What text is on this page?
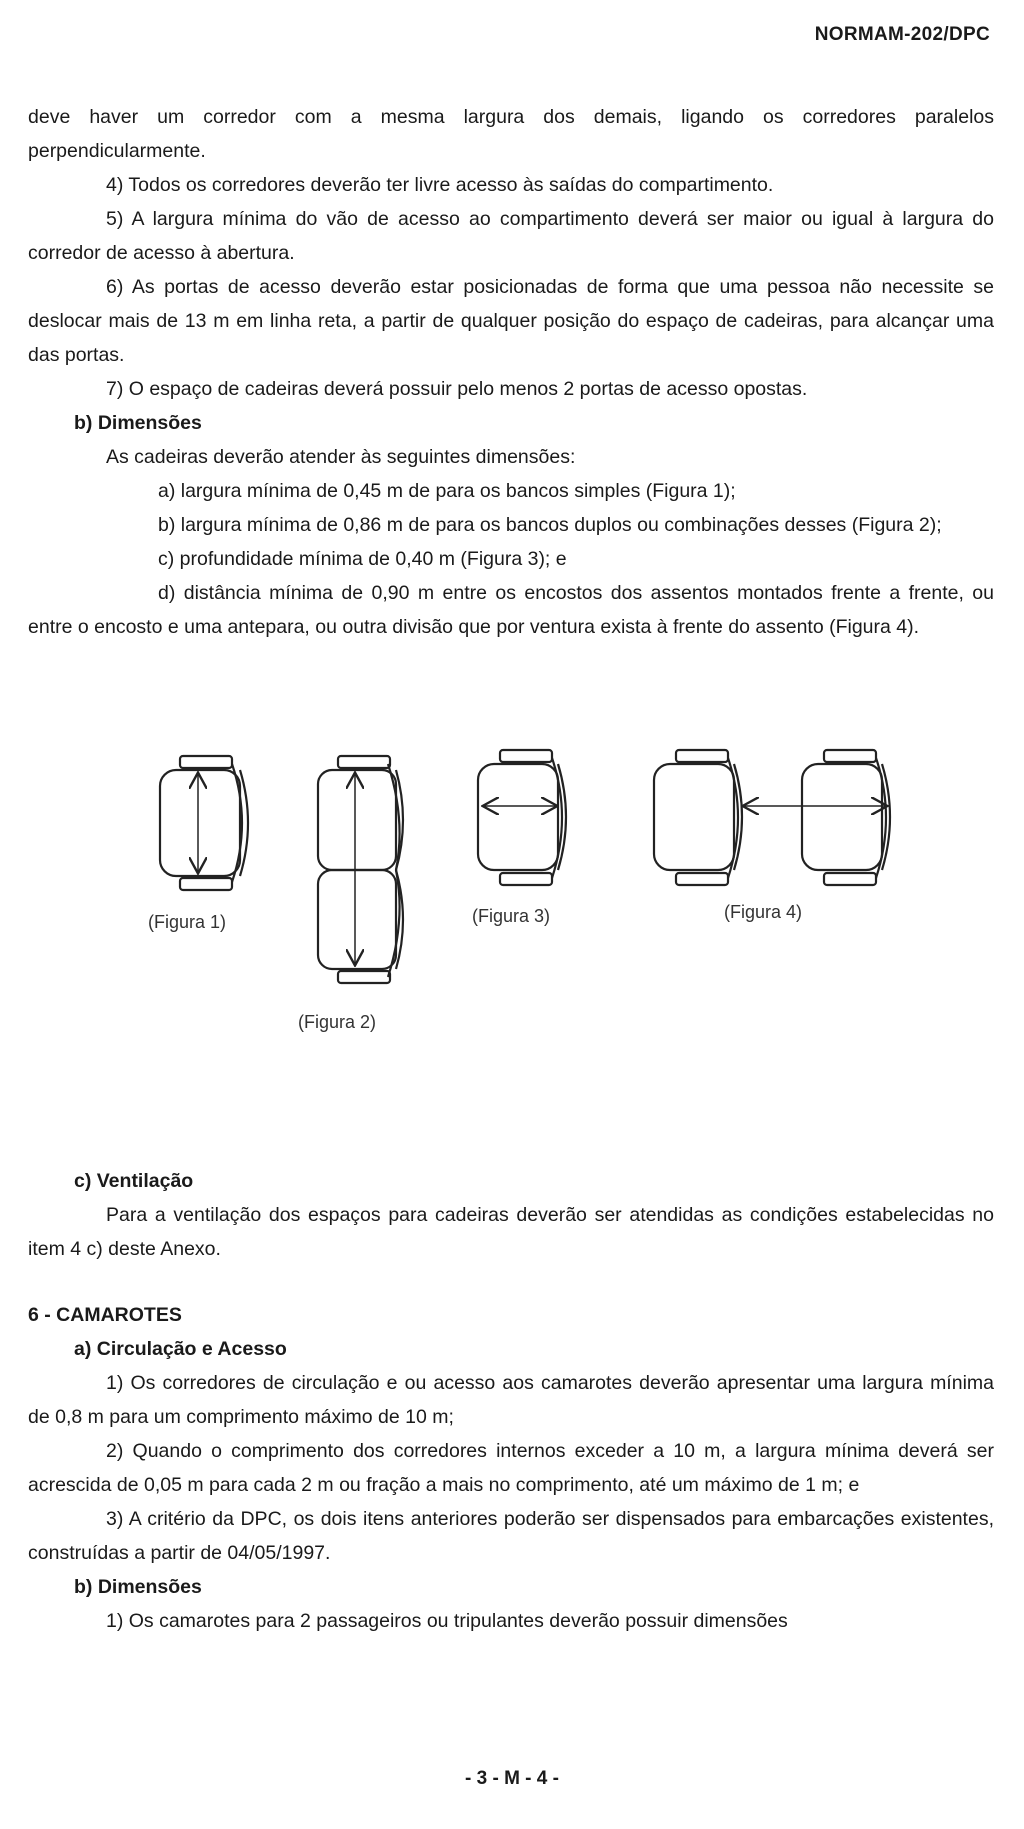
NORMAM-202/DPC

deve haver um corredor com a mesma largura dos demais, ligando os corredores paralelos perpendicularmente.

4) Todos os corredores deverão ter livre acesso às saídas do compartimento.

5) A largura mínima do vão de acesso ao compartimento deverá ser maior ou igual à largura do corredor de acesso à abertura.

6) As portas de acesso deverão estar posicionadas de forma que uma pessoa não necessite se deslocar mais de 13 m em linha reta, a partir de qualquer posição do espaço de cadeiras, para alcançar uma das portas.

7) O espaço de cadeiras deverá possuir pelo menos 2 portas de acesso opostas.

b) Dimensões

As cadeiras deverão atender às seguintes dimensões:

a) largura mínima de 0,45 m de para os bancos simples (Figura 1);

b) largura mínima de 0,86 m de para os bancos duplos ou combinações desses (Figura 2);

c) profundidade mínima de 0,40 m (Figura 3); e

d) distância mínima de 0,90 m entre os encostos dos assentos montados frente a frente, ou entre o encosto e uma antepara, ou outra divisão que por ventura exista à frente do assento (Figura 4).

(Figura 1)
(Figura 2)
(Figura 3)	(Figura 4)

c) Ventilação

Para a ventilação dos espaços para cadeiras deverão ser atendidas as condições estabelecidas no item 4 c) deste Anexo.

6 - CAMAROTES

a) Circulação e Acesso

1) Os corredores de circulação e ou acesso aos camarotes deverão apresentar uma largura mínima de 0,8 m para um comprimento máximo de 10 m;

2) Quando o comprimento dos corredores internos exceder a 10 m, a largura mínima deverá ser acrescida de 0,05 m para cada 2 m ou fração a mais no comprimento, até um máximo de 1 m; e

3) A critério da DPC, os dois itens anteriores poderão ser dispensados para embarcações existentes, construídas a partir de 04/05/1997.

b) Dimensões

1) Os camarotes para 2 passageiros ou tripulantes deverão possuir dimensões

- 3 - M - 4 -
